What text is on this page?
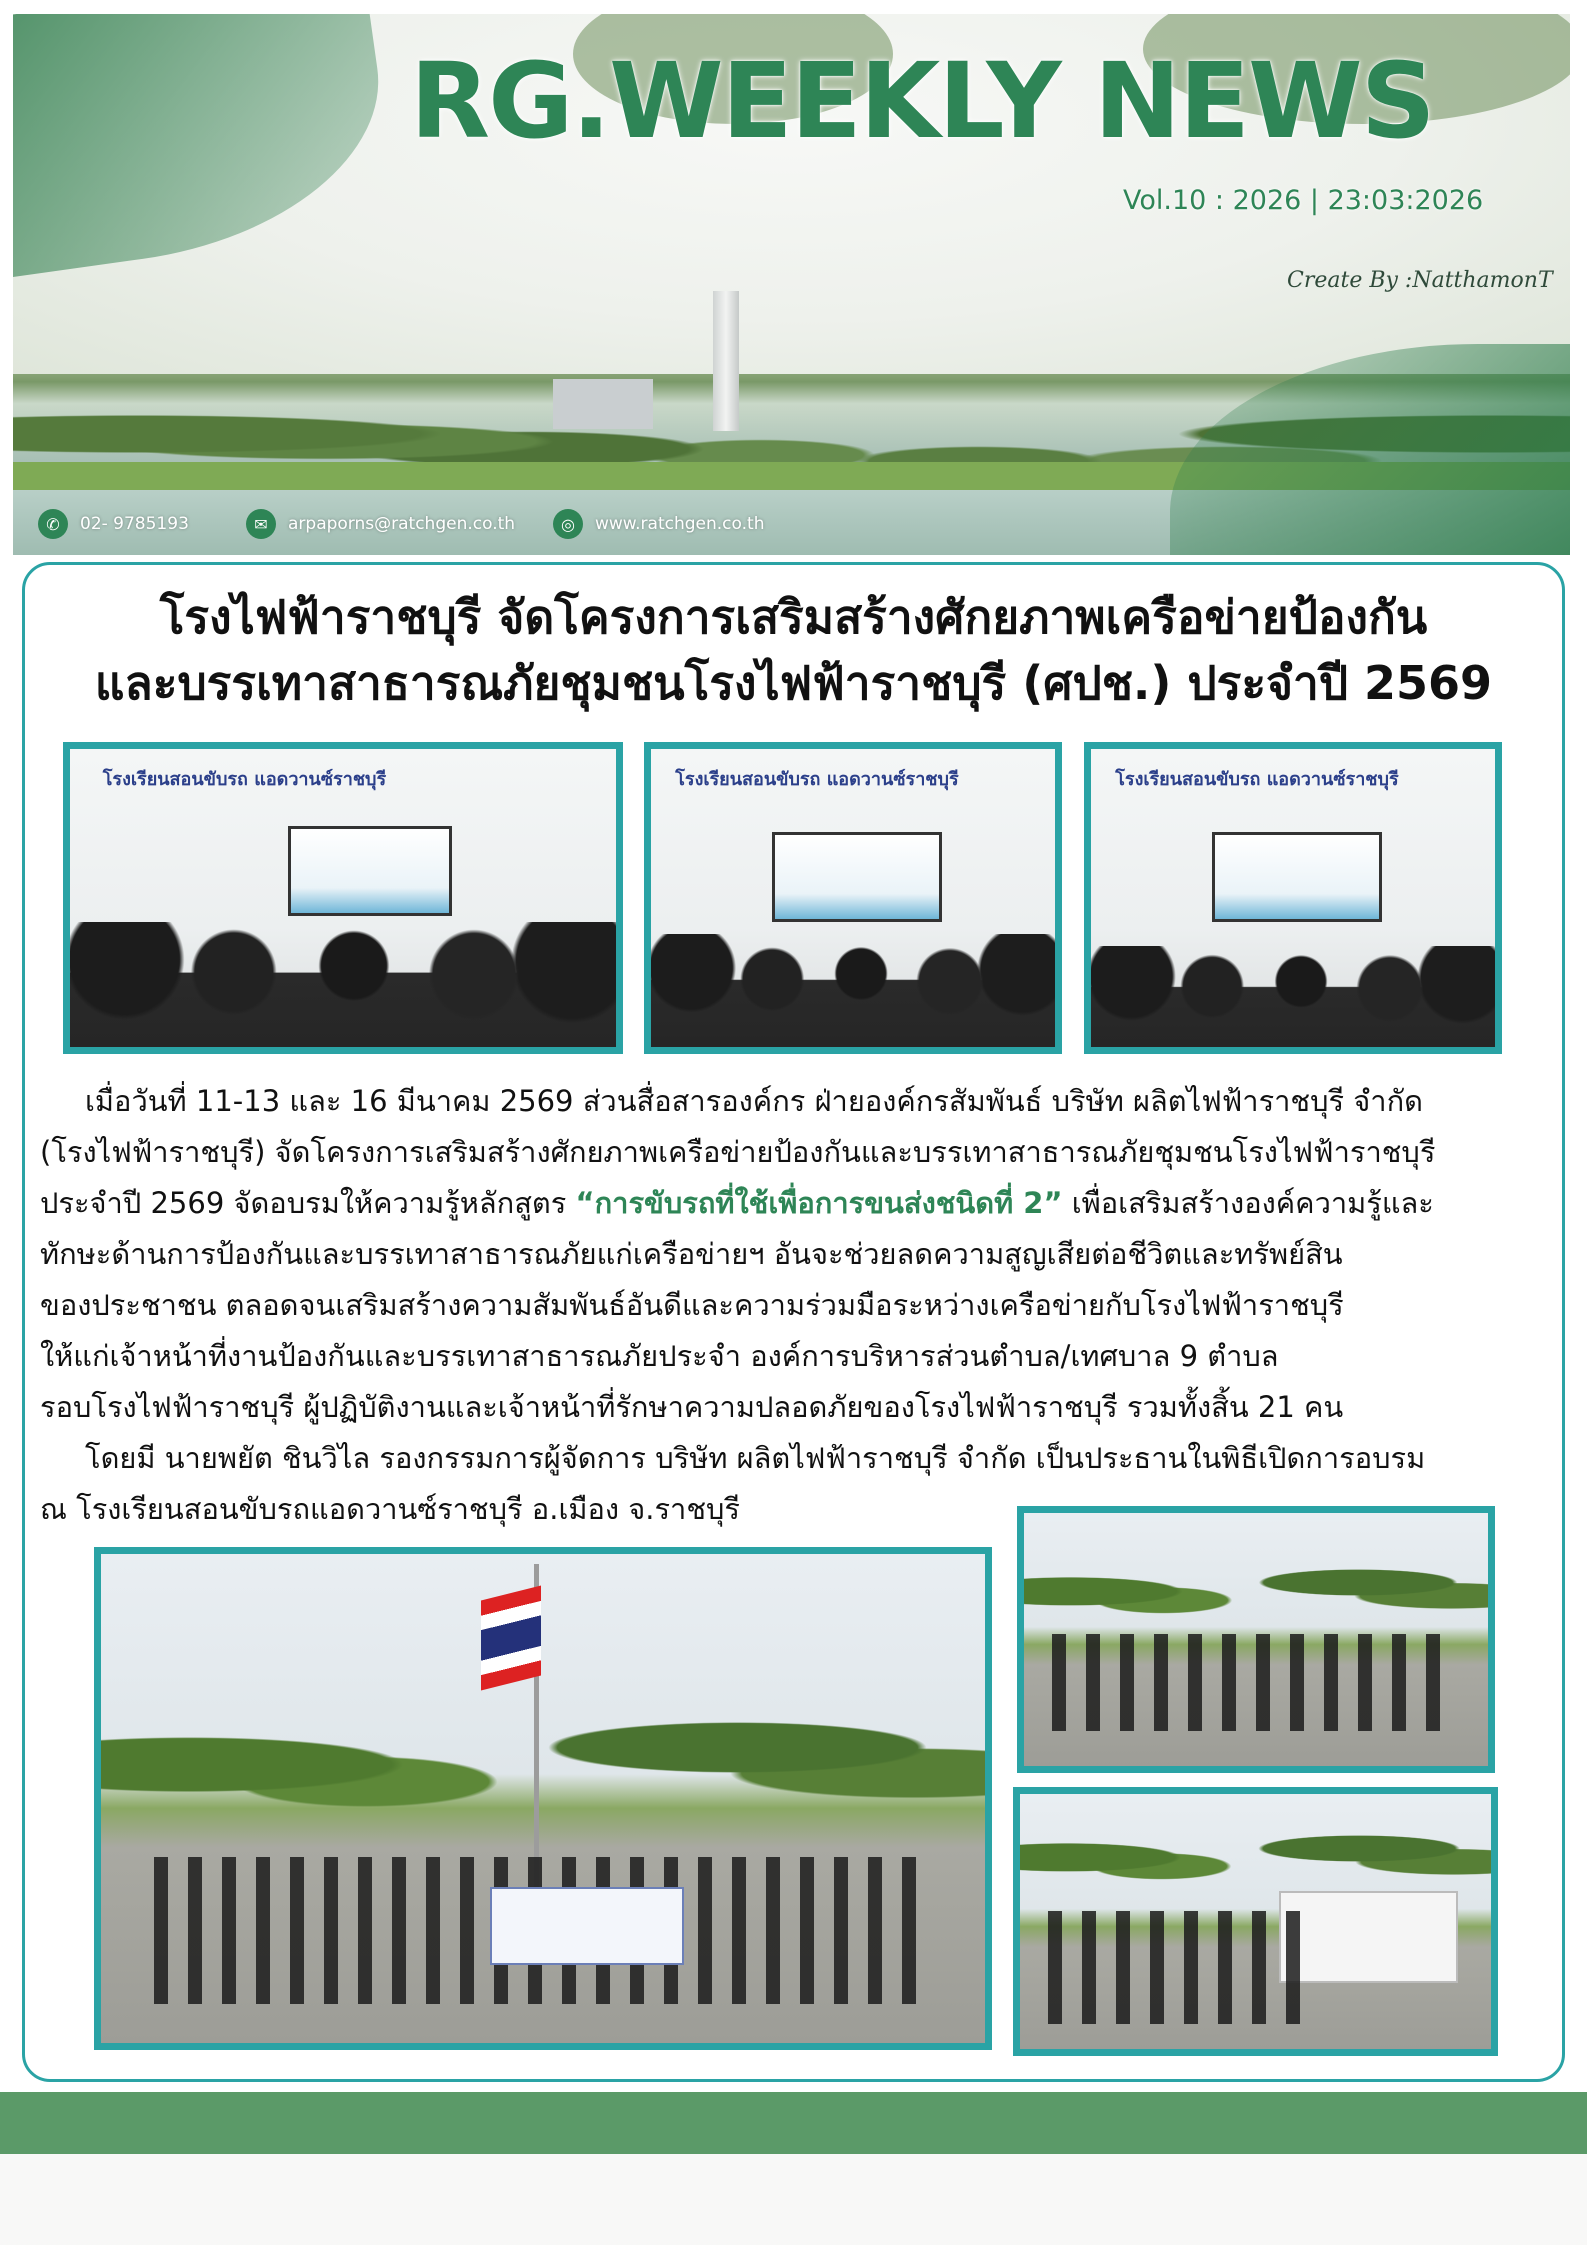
RG.WEEKLY NEWS
Vol.10 : 2026 | 23:03:2026
Create By :NatthamonT
✆	02- 9785193	✉	arpaporns@ratchgen.co.th	◎	www.ratchgen.co.th
โรงไฟฟ้าราชบุรี จัดโครงการเสริมสร้างศักยภาพเครือข่ายป้องกัน
และบรรเทาสาธารณภัยชุมชนโรงไฟฟ้าราชบุรี (ศปช.) ประจำปี 2569
โรงเรียนสอนขับรถ แอดวานซ์ราชบุรี	โรงเรียนสอนขับรถ แอดวานซ์ราชบุรี	โรงเรียนสอนขับรถ แอดวานซ์ราชบุรี

เมื่อวันที่ 11-13 และ 16 มีนาคม 2569 ส่วนสื่อสารองค์กร ฝ่ายองค์กรสัมพันธ์ บริษัท ผลิตไฟฟ้าราชบุรี จำกัด

(โรงไฟฟ้าราชบุรี) จัดโครงการเสริมสร้างศักยภาพเครือข่ายป้องกันและบรรเทาสาธารณภัยชุมชนโรงไฟฟ้าราชบุรี

ประจำปี 2569 จัดอบรมให้ความรู้หลักสูตร “การขับรถที่ใช้เพื่อการขนส่งชนิดที่ 2” เพื่อเสริมสร้างองค์ความรู้และ

ทักษะด้านการป้องกันและบรรเทาสาธารณภัยแก่เครือข่ายฯ อันจะช่วยลดความสูญเสียต่อชีวิตและทรัพย์สิน

ของประชาชน ตลอดจนเสริมสร้างความสัมพันธ์อันดีและความร่วมมือระหว่างเครือข่ายกับโรงไฟฟ้าราชบุรี

ให้แก่เจ้าหน้าที่งานป้องกันและบรรเทาสาธารณภัยประจำ องค์การบริหารส่วนตำบล/เทศบาล 9 ตำบล

รอบโรงไฟฟ้าราชบุรี ผู้ปฏิบัติงานและเจ้าหน้าที่รักษาความปลอดภัยของโรงไฟฟ้าราชบุรี รวมทั้งสิ้น 21 คน

โดยมี นายพยัต ชินวิไล รองกรรมการผู้จัดการ บริษัท ผลิตไฟฟ้าราชบุรี จำกัด เป็นประธานในพิธีเปิดการอบรม

ณ โรงเรียนสอนขับรถแอดวานซ์ราชบุรี อ.เมือง จ.ราชบุรี
